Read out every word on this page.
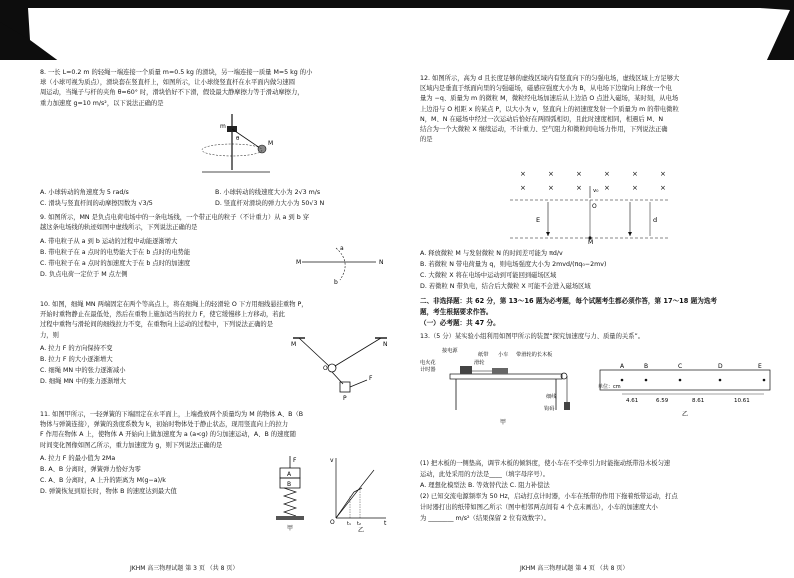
8. 一长 L=0.2 m 的轻绳一端连接一个质量 m=0.5 kg 的滑块，另一端连接一质量 M=5 kg 的小

球（小球可视为质点），滑块套在竖直杆上，如图所示，让小球绕竖直杆在水平面内做匀速圆

周运动，当绳子与杆的夹角 θ=60° 时，滑块恰好不下滑，假设最大静摩擦力等于滑动摩擦力，

重力加速度 g=10 m/s²，以下说法正确的是

m
θ
M
A. 小球转动的角速度为 5 rad/s	B. 小球转动的线速度大小为 2√3 m/s
C. 滑块与竖直杆间的动摩擦因数为 √3/5	D. 竖直杆对滑块的弹力大小为 50√3 N

9. 如图所示，MN 是负点电荷电场中的一条电场线，一个带正电的粒子（不计重力）从 a 到 b 穿

越这条电场线的轨迹如图中虚线所示，下列说法正确的是

A. 带电粒子从 a 到 b 运动的过程中动能逐渐增大
B. 带电粒子在 a 点时的电势能大于在 b 点时的电势能
C. 带电粒子在 a 点时的加速度大于在 b 点时的加速度
D. 负点电荷一定位于 M 点左侧
M	N
a
b

10. 如图，细绳 MN 两端固定在两个等高点上，将在细绳上的轻滑轮 O 下方用细线悬挂重物 P，

开始时重物静止在最低处，然后在重物上施加适当的拉力 F，使它缓慢移上方移动，若此

过程中重物与滑轮间的细线拉力不变，在重物向上运动的过程中，下列说法正确的是

力，则

A. 拉力 F 的方向保持不变
B. 拉力 F 的大小逐渐增大
C. 细绳 MN 中的张力逐渐减小
D. 细绳 MN 中的张力逐渐增大
M	N
O
P
F

11. 如图甲所示，一轻弹簧的下端固定在水平面上，上端叠放两个质量均为 M 的物体 A、B（B

物体与弹簧连接），弹簧的劲度系数为 k，初始时物体处于静止状态，现用竖直向上的拉力

F 作用在物体 A 上，使物体 A 开始向上做加速度为 a (a<g) 的匀加速运动，A、B 的速度随

时间变化图像如图乙所示，重力加速度为 g，则下列说法正确的是

A. 拉力 F 的最小值为 2Ma
B. A、B 分离时，弹簧弹力恰好为零
C. A、B 分离时，A 上升的距离为 M(g−a)/k
D. 弹簧恢复到原长时，物体 B 的速度达到最大值
F
A
B
甲
v
O t₁ t₂	t
乙
JKHM 高三物理试题 第 3 页 （共 8 页）

12. 如图所示，高为 d 且长度足够的虚线区域内有竖直向下的匀强电场，虚线区域上方足够大

区域内是垂直于纸面向里的匀强磁场，磁感应强度大小为 B，从电场下边缘向上释放一个电

量为 −q、质量为 m 的微粒 M，微粒经电场加速后从上边沿 O 点进入磁场，某时刻，从电场

上边沿与 O 相距 x 的某点 P，以大小为 v，竖直向上的初速度发射一个质量为 m 的带电微粒

N，M、N 在磁场中经过一次运动后恰好在两圆弧相切，且此时速度相同，相遇后 M、N

结合为一个大微粒 X 继续运动，不计重力、空气阻力和微粒间电场力作用，下列说法正确

的是

E	d
O
M
v₀
×	×	×	×	×	×
×	×	×	×	×	×
A. 释放微粒 M 与发射微粒 N 的时间差可能为 πd/v
B. 若微粒 N 带电荷量为 q，则电场强度大小为 2mvd/(πq₀−2mv)
C. 大微粒 X 将在电场中运动到可能回到磁场区域
D. 若微粒 N 带负电，结合后大微粒 X 可能不会进入磁场区域
二、非选择题：共 62 分，第 13～16 题为必考题，每个试题考生都必须作答，第 17～18 题为选考
题，考生根据要求作答。
（一）必考题：共 47 分。
13.（5 分）某实验小组利用如图甲所示的装置“探究加速度与力、质量的关系”。
接电源
电火花
计时器
纸带 小车
滑轮
带滑轮的长木板
细线
钩码
甲
A	B	C	D	E
单位：cm
4.61	6.59	8.61	10.61
乙

(1) 把木板的一侧垫高，调节木板的倾斜度，使小车在不受牵引力时能拖动纸带沿木板匀速

运动，此处采用的方法是____（填字母序号）。

A. 理想化模型法 B. 等效替代法 C. 阻力补偿法

(2) 已知交流电源频率为 50 Hz，启动打点计时器，小车在纸带的作用下拖着纸带运动，打点

计时器打出的纸带如图乙所示（图中相邻两点间有 4 个点未画出），小车的加速度大小

为 ________ m/s²（结果保留 2 位有效数字）。

JKHM 高三物理试题 第 4 页 （共 8 页）
